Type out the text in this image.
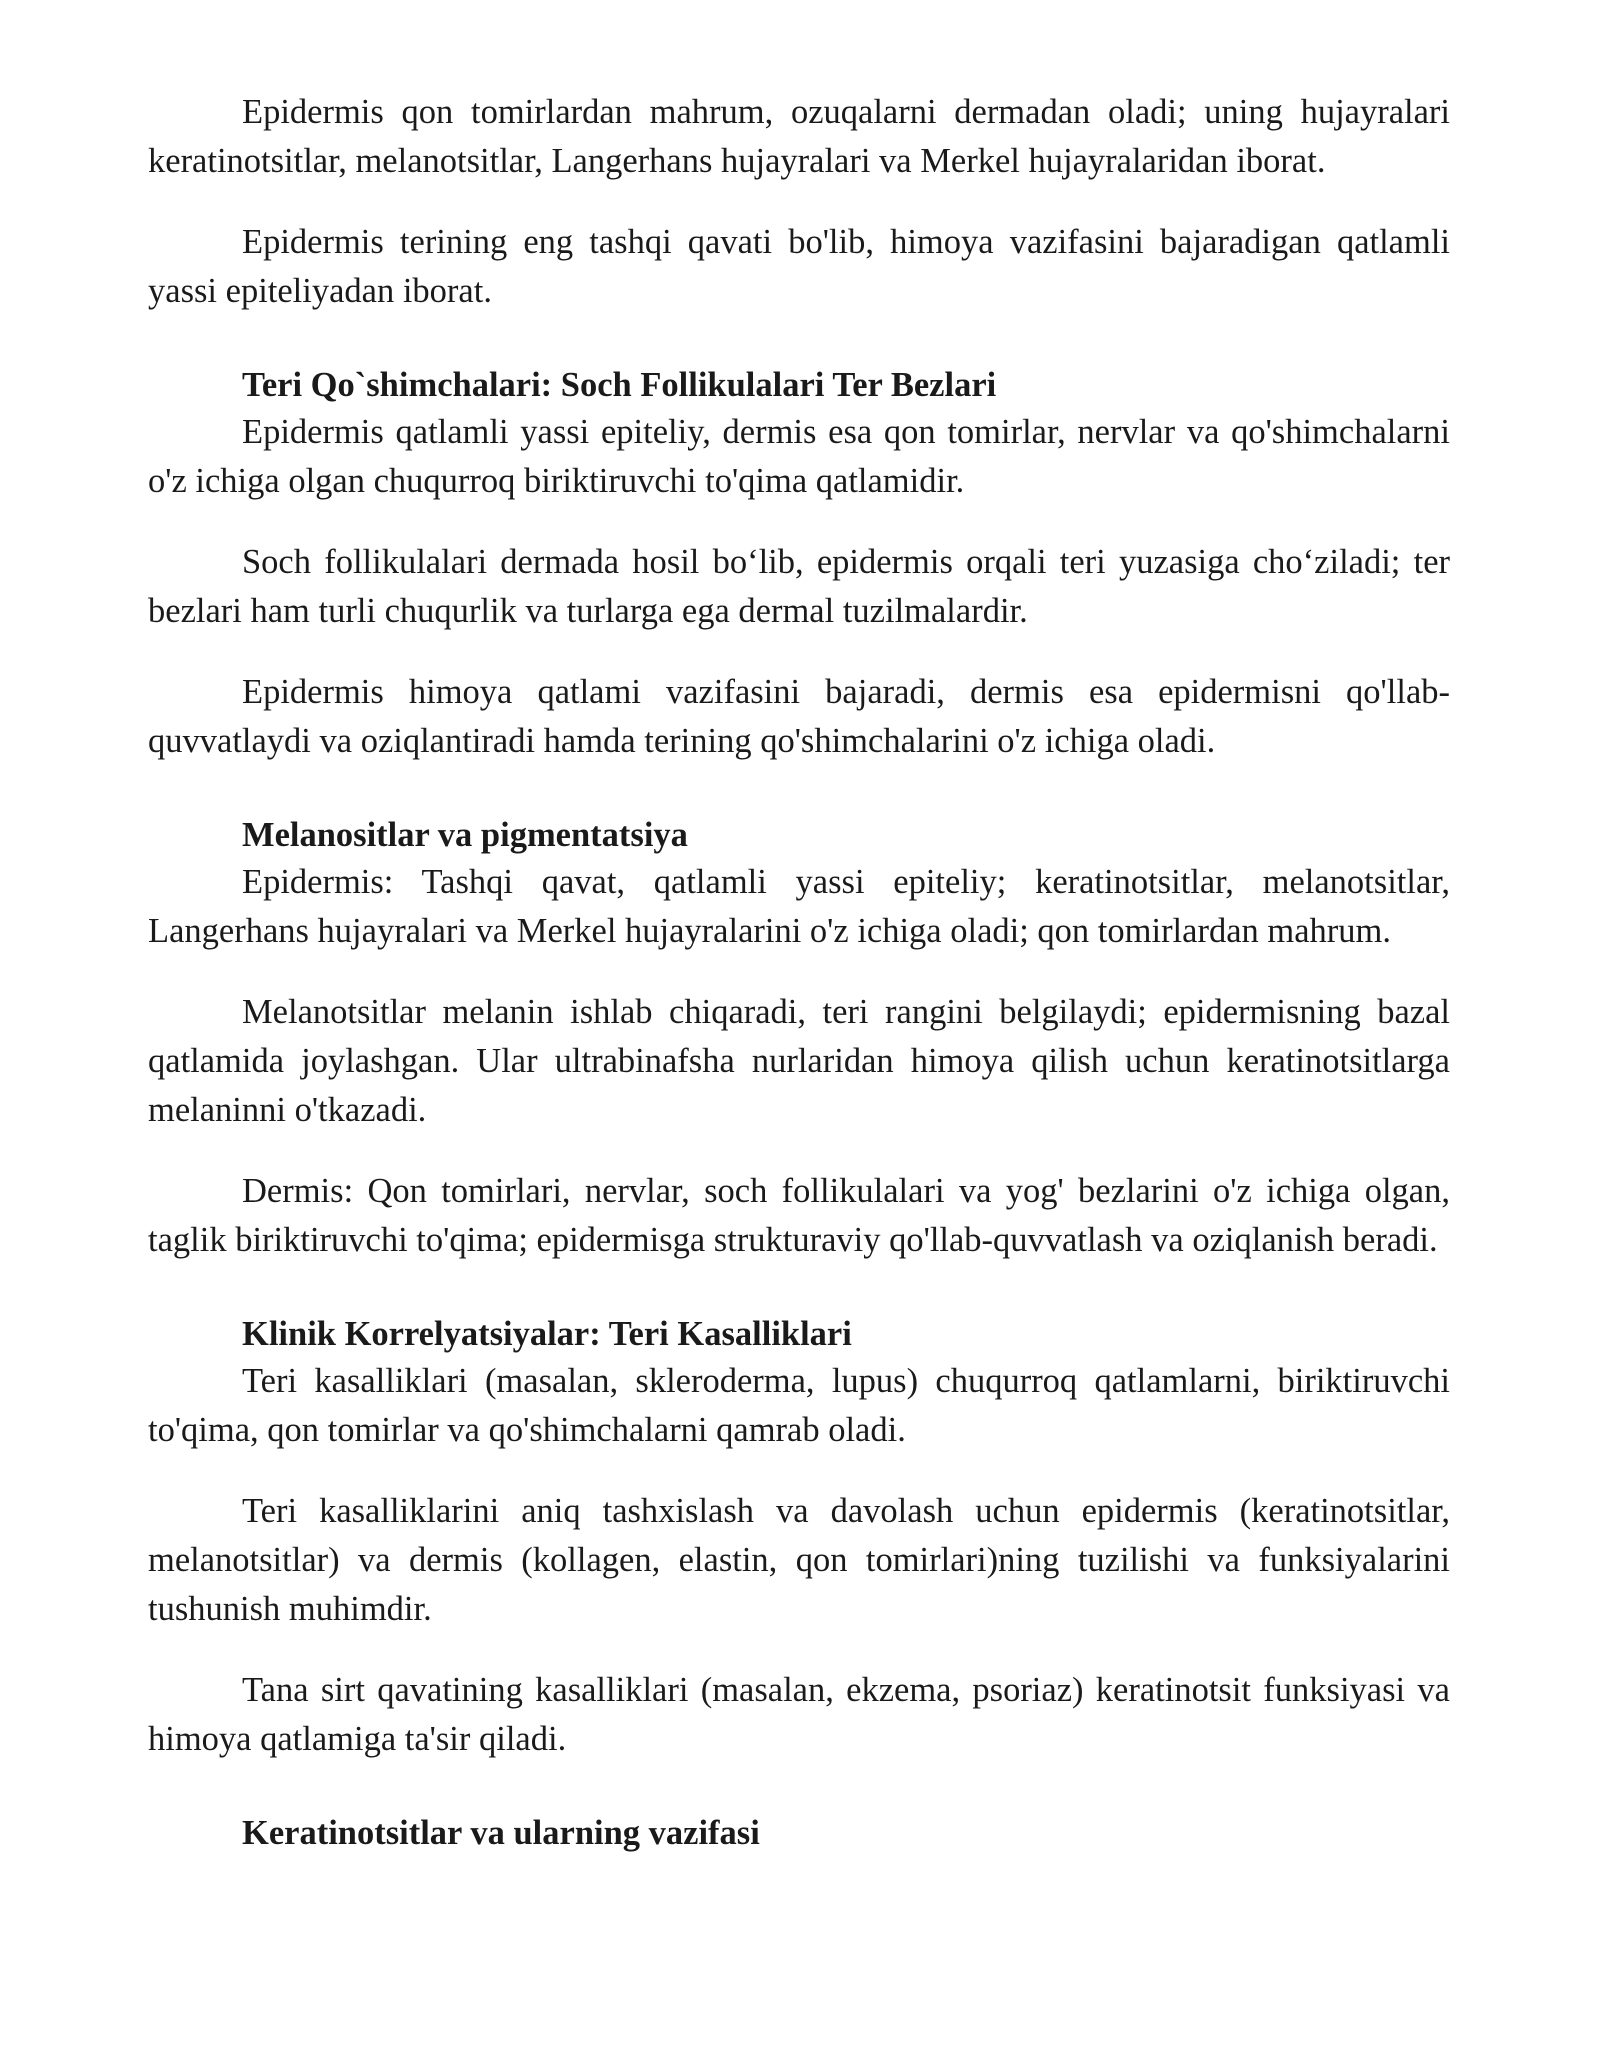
Epidermis qon tomirlardan mahrum, ozuqalarni dermadan oladi; uning hujayralari keratinotsitlar, melanotsitlar, Langerhans hujayralari va Merkel hujayralaridan iborat.

Epidermis terining eng tashqi qavati bo'lib, himoya vazifasini bajaradigan qatlamli yassi epiteliyadan iborat.

Teri Qo`shimchalari: Soch Follikulalari Ter Bezlari

Epidermis qatlamli yassi epiteliy, dermis esa qon tomirlar, nervlar va qo'shimchalarni o'z ichiga olgan chuqurroq biriktiruvchi to'qima qatlamidir.

Soch follikulalari dermada hosil bo‘lib, epidermis orqali teri yuzasiga cho‘ziladi; ter bezlari ham turli chuqurlik va turlarga ega dermal tuzilmalardir.

Epidermis himoya qatlami vazifasini bajaradi, dermis esa epidermisni qo'llab-quvvatlaydi va oziqlantiradi hamda terining qo'shimchalarini o'z ichiga oladi.

Melanositlar va pigmentatsiya

Epidermis: Tashqi qavat, qatlamli yassi epiteliy; keratinotsitlar, melanotsitlar, Langerhans hujayralari va Merkel hujayralarini o'z ichiga oladi; qon tomirlardan mahrum.

Melanotsitlar melanin ishlab chiqaradi, teri rangini belgilaydi; epidermisning bazal qatlamida joylashgan. Ular ultrabinafsha nurlaridan himoya qilish uchun keratinotsitlarga melaninni o'tkazadi.

Dermis: Qon tomirlari, nervlar, soch follikulalari va yog' bezlarini o'z ichiga olgan, taglik biriktiruvchi to'qima; epidermisga strukturaviy qo'llab-quvvatlash va oziqlanish beradi.

Klinik Korrelyatsiyalar: Teri Kasalliklari

Teri kasalliklari (masalan, skleroderma, lupus) chuqurroq qatlamlarni, biriktiruvchi to'qima, qon tomirlar va qo'shimchalarni qamrab oladi.

Teri kasalliklarini aniq tashxislash va davolash uchun epidermis (keratinotsitlar, melanotsitlar) va dermis (kollagen, elastin, qon tomirlari)ning tuzilishi va funksiyalarini tushunish muhimdir.

Tana sirt qavatining kasalliklari (masalan, ekzema, psoriaz) keratinotsit funksiyasi va himoya qatlamiga ta'sir qiladi.

Keratinotsitlar va ularning vazifasi
